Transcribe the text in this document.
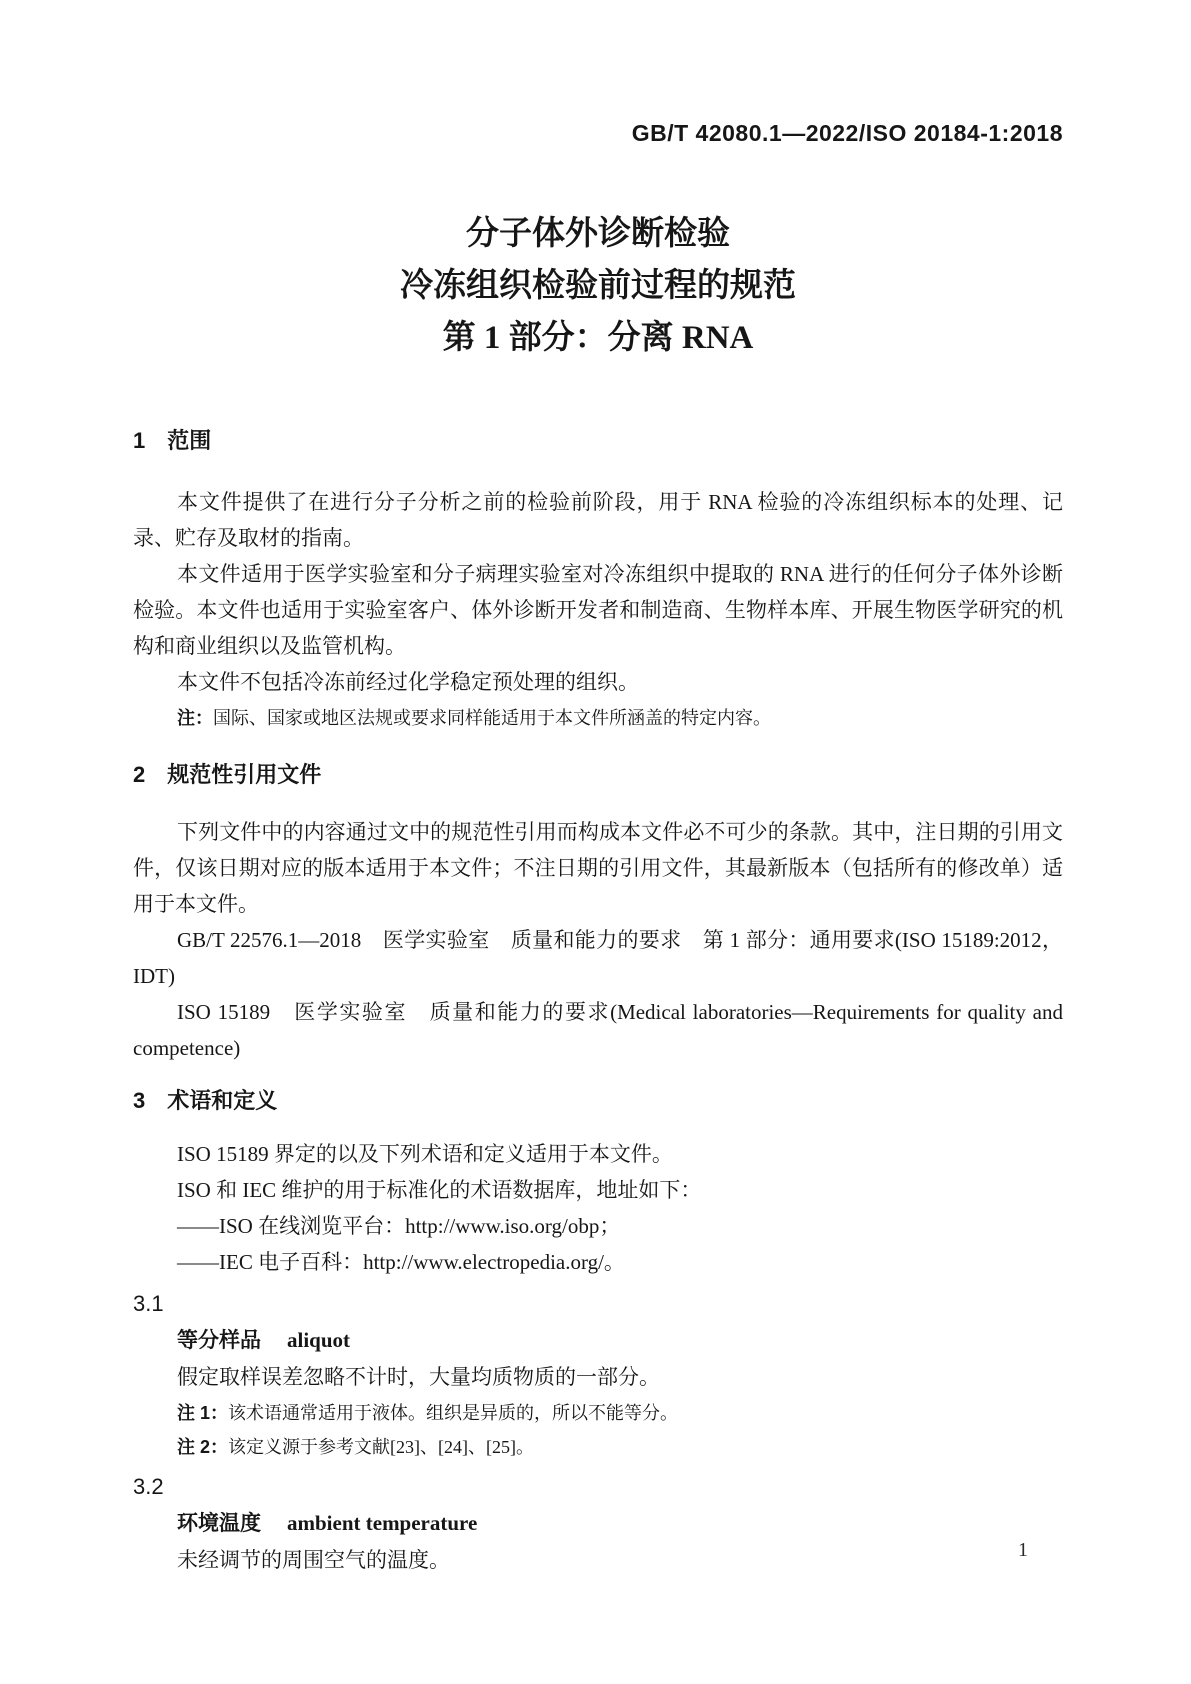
GB/T 42080.1—2022/ISO 20184-1:2018
分子体外诊断检验
冷冻组织检验前过程的规范
第 1 部分：分离 RNA
1 范围
本文件提供了在进行分子分析之前的检验前阶段，用于 RNA 检验的冷冻组织标本的处理、记录、贮存及取材的指南。
本文件适用于医学实验室和分子病理实验室对冷冻组织中提取的 RNA 进行的任何分子体外诊断检验。本文件也适用于实验室客户、体外诊断开发者和制造商、生物样本库、开展生物医学研究的机构和商业组织以及监管机构。
本文件不包括冷冻前经过化学稳定预处理的组织。
注：国际、国家或地区法规或要求同样能适用于本文件所涵盖的特定内容。
2 规范性引用文件
下列文件中的内容通过文中的规范性引用而构成本文件必不可少的条款。其中，注日期的引用文件，仅该日期对应的版本适用于本文件；不注日期的引用文件，其最新版本（包括所有的修改单）适用于本文件。
GB/T 22576.1—2018　医学实验室　质量和能力的要求　第 1 部分：通用要求(ISO 15189:2012，IDT)
ISO 15189　医学实验室　质量和能力的要求(Medical laboratories—Requirements for quality and competence)
3 术语和定义
ISO 15189 界定的以及下列术语和定义适用于本文件。
ISO 和 IEC 维护的用于标准化的术语数据库，地址如下：
——ISO 在线浏览平台：http://www.iso.org/obp；
——IEC 电子百科：http://www.electropedia.org/。
3.1
等分样品 aliquot
假定取样误差忽略不计时，大量均质物质的一部分。
注 1：该术语通常适用于液体。组织是异质的，所以不能等分。
注 2：该定义源于参考文献[23]、[24]、[25]。
3.2
环境温度 ambient temperature
未经调节的周围空气的温度。	1
